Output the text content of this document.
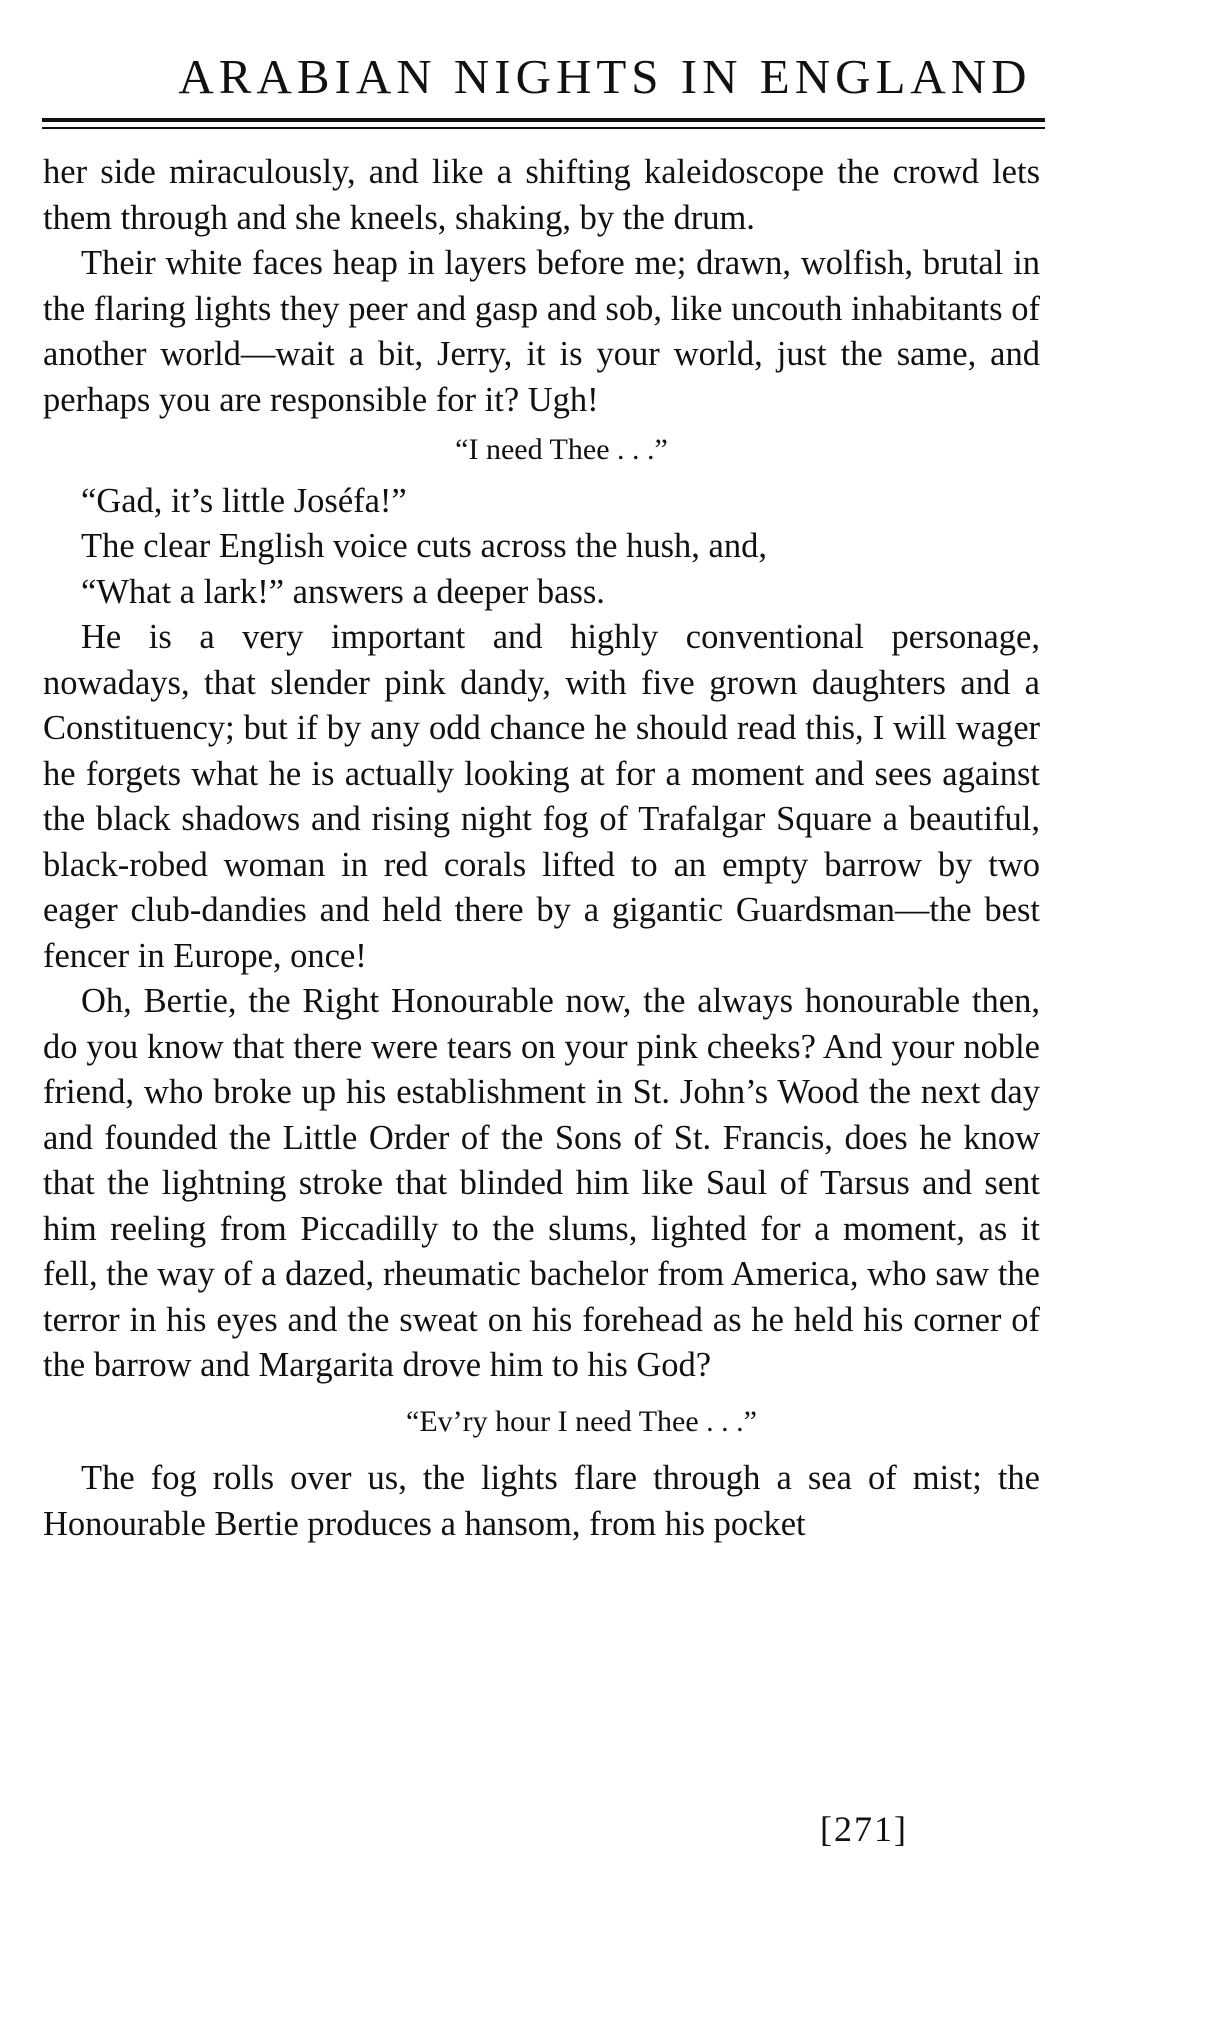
ARABIAN NIGHTS IN ENGLAND

her side miraculously, and like a shifting kaleidoscope the crowd lets them through and she kneels, shaking, by the drum.

Their white faces heap in layers before me; drawn, wolfish, brutal in the flaring lights they peer and gasp and sob, like uncouth inhabitants of another world—wait a bit, Jerry, it is your world, just the same, and perhaps you are responsible for it? Ugh!

“I need Thee . . .”

“Gad, it’s little Joséfa!”

The clear English voice cuts across the hush, and,

“What a lark!” answers a deeper bass.

He is a very important and highly conventional personage, nowadays, that slender pink dandy, with five grown daughters and a Constituency; but if by any odd chance he should read this, I will wager he forgets what he is actually looking at for a moment and sees against the black shadows and rising night fog of Trafalgar Square a beautiful, black-robed woman in red corals lifted to an empty barrow by two eager club-dandies and held there by a gigantic Guardsman—the best fencer in Europe, once!

Oh, Bertie, the Right Honourable now, the always honourable then, do you know that there were tears on your pink cheeks? And your noble friend, who broke up his establishment in St. John’s Wood the next day and founded the Little Order of the Sons of St. Francis, does he know that the lightning stroke that blinded him like Saul of Tarsus and sent him reeling from Piccadilly to the slums, lighted for a moment, as it fell, the way of a dazed, rheumatic bachelor from America, who saw the terror in his eyes and the sweat on his forehead as he held his corner of the barrow and Margarita drove him to his God?

“Ev’ry hour I need Thee . . .”

The fog rolls over us, the lights flare through a sea of mist; the Honourable Bertie produces a hansom, from his pocket

[271]
